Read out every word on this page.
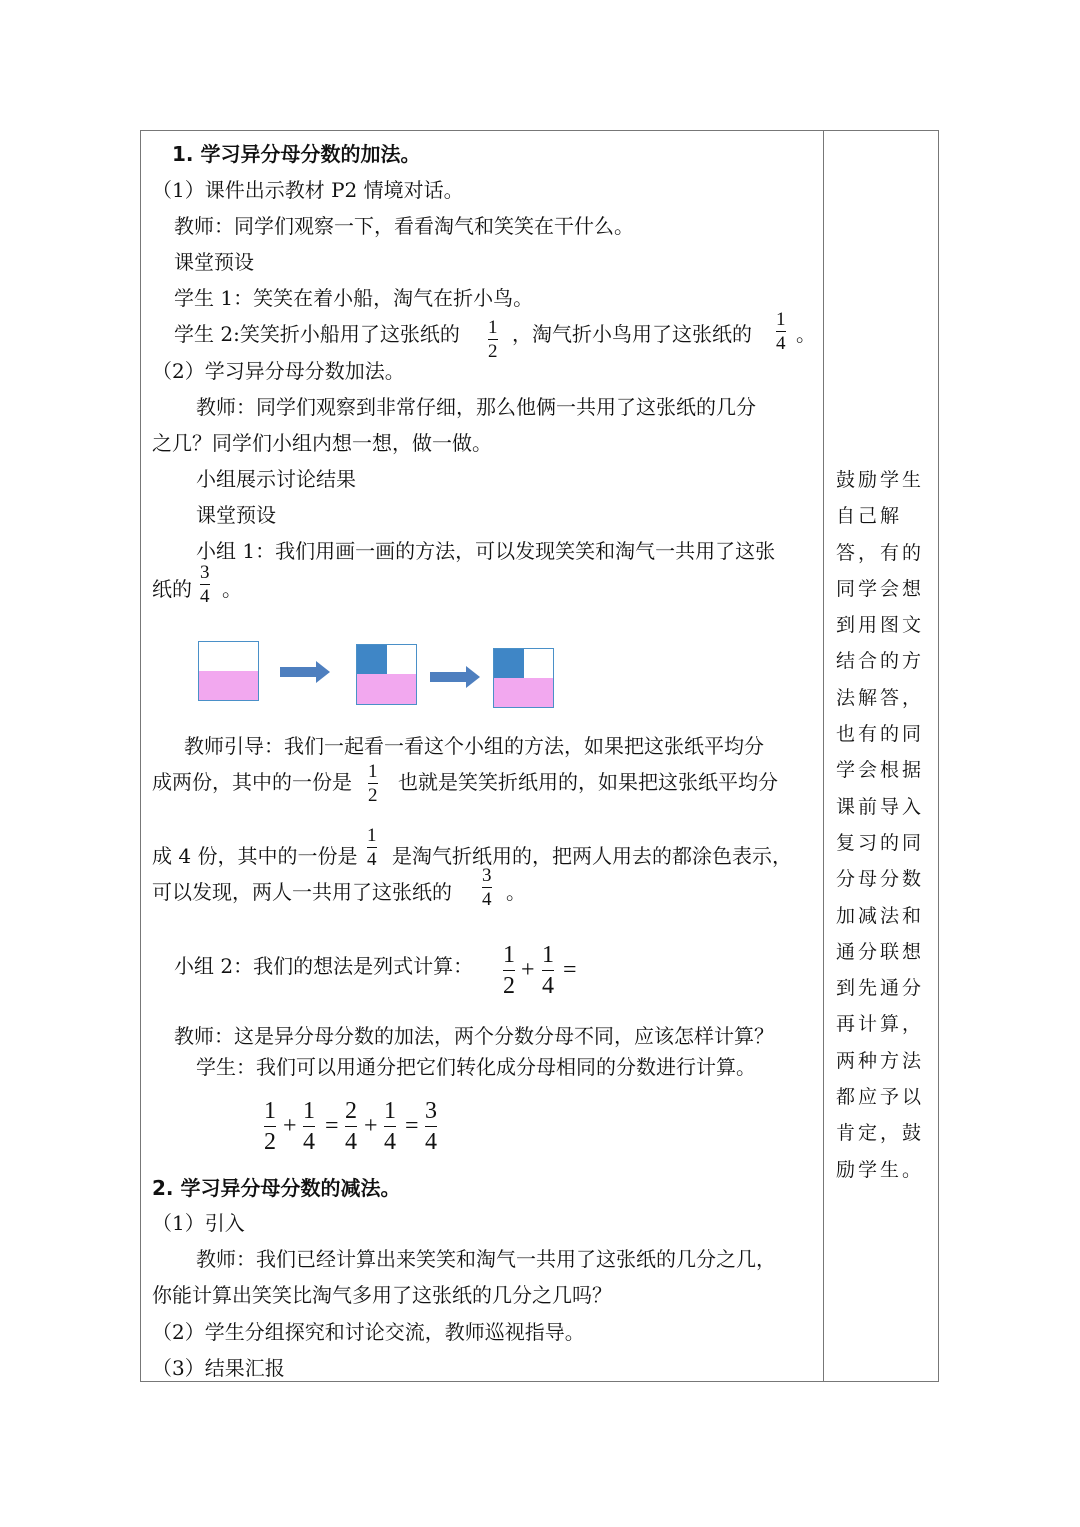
1. 学习异分母分数的加法。
（1）课件出示教材 P2 情境对话。
教师：同学们观察一下，看看淘气和笑笑在干什么。
课堂预设
学生 1：笑笑在着小船，淘气在折小鸟。
学生 2:笑笑折小船用了这张纸的 1
2
，淘气折小鸟用了这张纸的
1
4 。
（2）学习异分母分数加法。
教师：同学们观察到非常仔细，那么他俩一共用了这张纸的几分
之几？同学们小组内想一想，做一做。
小组展示讨论结果
课堂预设
小组 1：我们用画一画的方法，可以发现笑笑和淘气一共用了这张
纸的
3
4 。
教师引导：我们一起看一看这个小组的方法，如果把这张纸平均分
成两份，其中的一份是 1
2
也就是笑笑折纸用的，如果把这张纸平均分
成 4 份，其中的一份是
1
4 是淘气折纸用的，把两人用去的都涂色表示，
可以发现，两人一共用了这张纸的
3
4 。
小组 2：我们的想法是列式计算： 1
2
+
1
4
=
教师：这是异分母分数的加法，两个分数分母不同，应该怎样计算？
学生：我们可以用通分把它们转化成分母相同的分数进行计算。
1
2
+
1
4
=
2
4
+
1
4
=
3
4
2. 学习异分母分数的减法。
（1）引入
教师：我们已经计算出来笑笑和淘气一共用了这张纸的几分之几，
你能计算出笑笑比淘气多用了这张纸的几分之几吗？
（2）学生分组探究和讨论交流，教师巡视指导。
（3）结果汇报
鼓励学生自己解答，有的同学会想到用图文结合的方法解答，也有的同学会根据课前导入复习的同分母分数加减法和通分联想到先通分再计算，两种方法都应予以肯定，鼓励学生。
